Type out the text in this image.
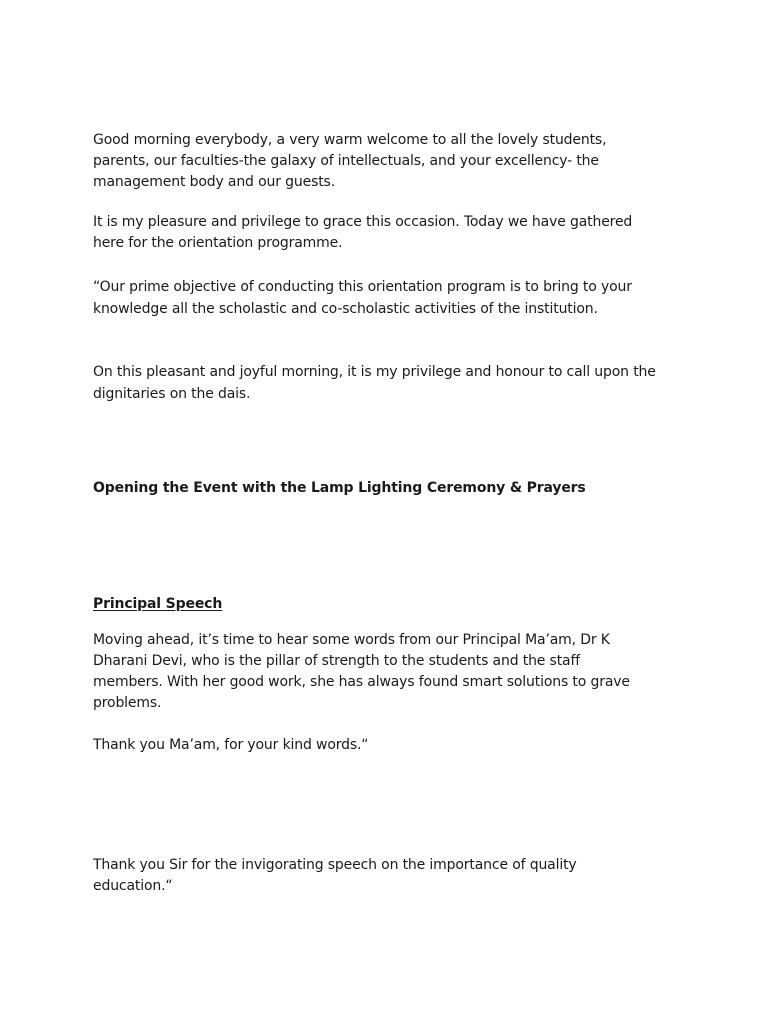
Good morning everybody, a very warm welcome to all the lovely students,
parents, our faculties-the galaxy of intellectuals, and your excellency- the
management body and our guests.

It is my pleasure and privilege to grace this occasion. Today we have gathered
here for the orientation programme.

“Our prime objective of conducting this orientation program is to bring to your
knowledge all the scholastic and co-scholastic activities of the institution.

On this pleasant and joyful morning, it is my privilege and honour to call upon the
dignitaries on the dais.

Opening the Event with the Lamp Lighting Ceremony & Prayers

Principal Speech

Moving ahead, it’s time to hear some words from our Principal Ma’am, Dr K
Dharani Devi, who is the pillar of strength to the students and the staff
members. With her good work, she has always found smart solutions to grave
problems.

Thank you Ma’am, for your kind words.“

Thank you Sir for the invigorating speech on the importance of quality
education.“
